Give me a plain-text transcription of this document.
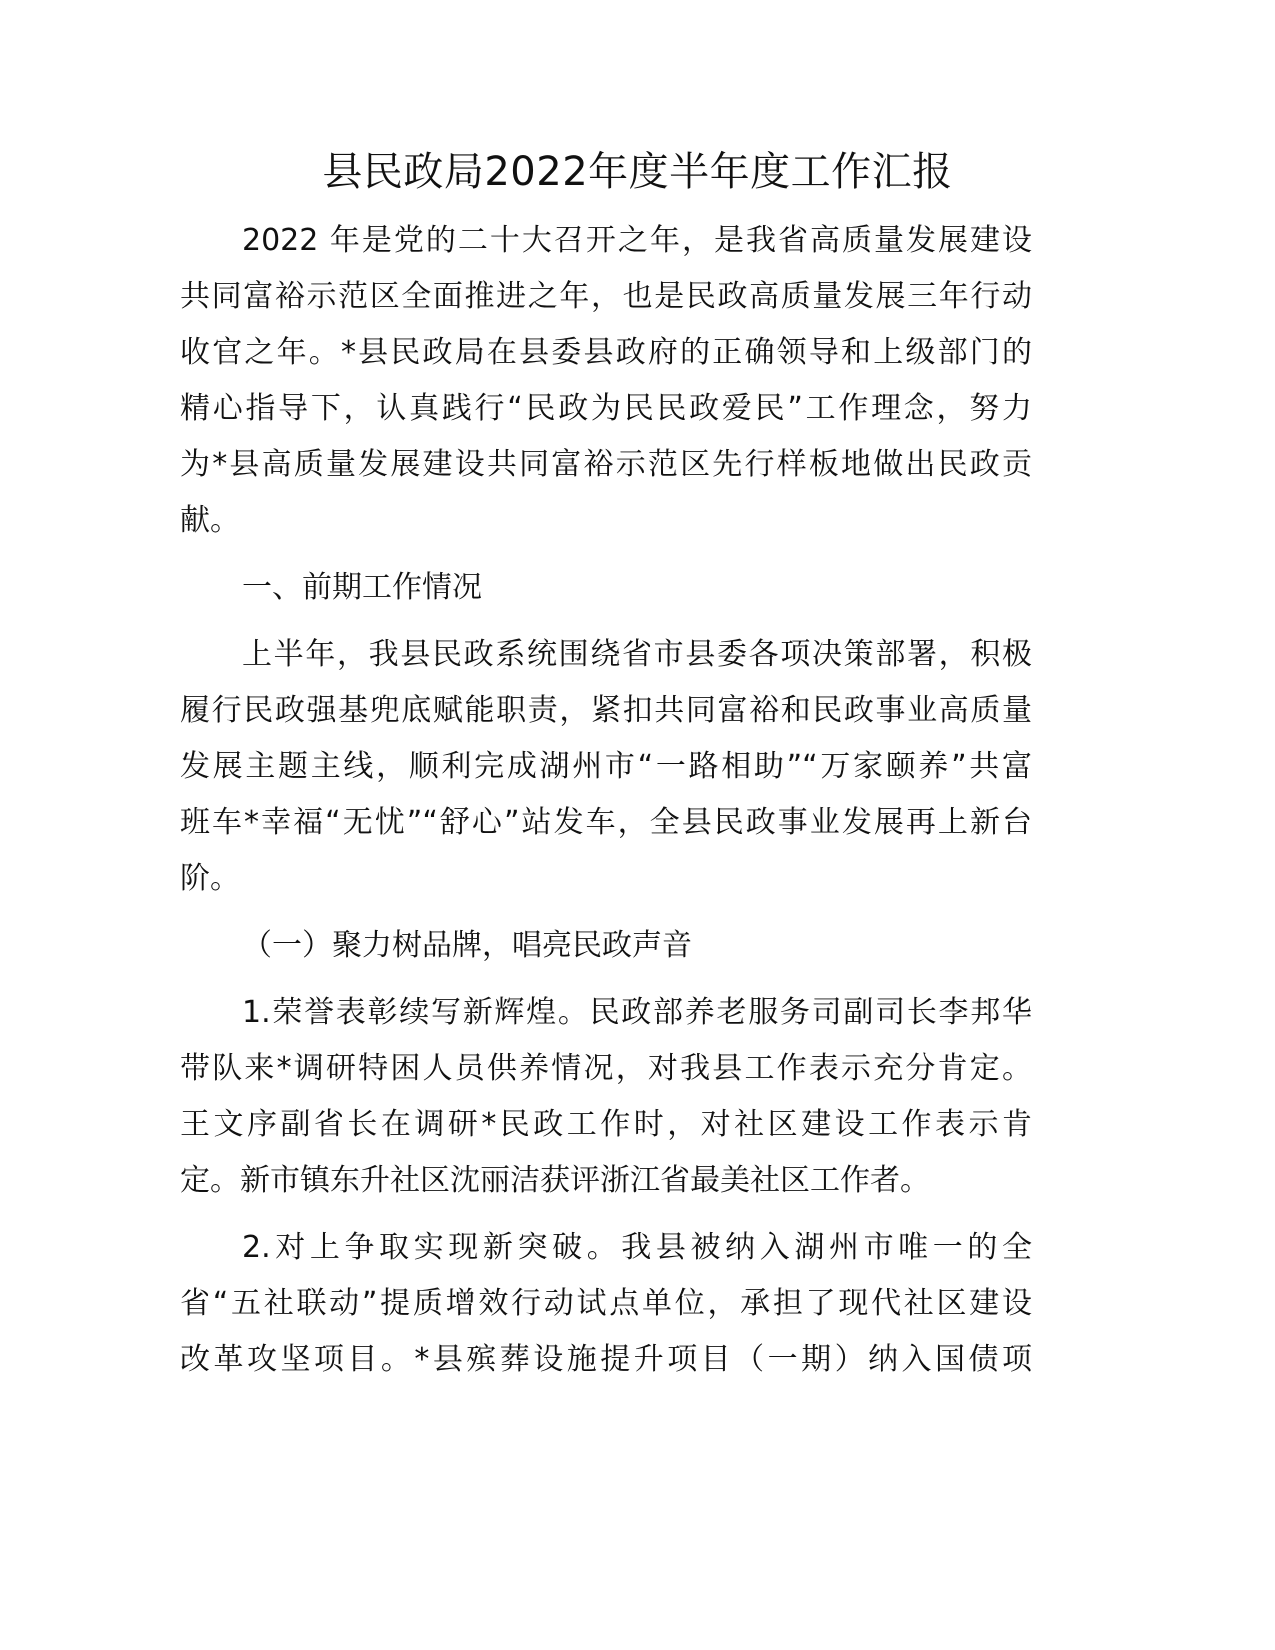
县民政局2022年度半年度工作汇报
2022 年是党的二十大召开之年，是我省高质量发展建设
共同富裕示范区全面推进之年，也是民政高质量发展三年行动
收官之年。*县民政局在县委县政府的正确领导和上级部门的
精心指导下，认真践行“民政为民民政爱民”工作理念，努力
为*县高质量发展建设共同富裕示范区先行样板地做出民政贡
献。
一、前期工作情况
上半年，我县民政系统围绕省市县委各项决策部署，积极
履行民政强基兜底赋能职责，紧扣共同富裕和民政事业高质量
发展主题主线，顺利完成湖州市“一路相助”“万家颐养”共富
班车*幸福“无忧”“舒心”站发车，全县民政事业发展再上新台
阶。
（一）聚力树品牌，唱亮民政声音
1.荣誉表彰续写新辉煌。民政部养老服务司副司长李邦华
带队来*调研特困人员供养情况，对我县工作表示充分肯定。
王文序副省长在调研*民政工作时，对社区建设工作表示肯
定。新市镇东升社区沈丽洁获评浙江省最美社区工作者。
2.对上争取实现新突破。我县被纳入湖州市唯一的全
省“五社联动”提质增效行动试点单位，承担了现代社区建设
改革攻坚项目。*县殡葬设施提升项目（一期）纳入国债项
